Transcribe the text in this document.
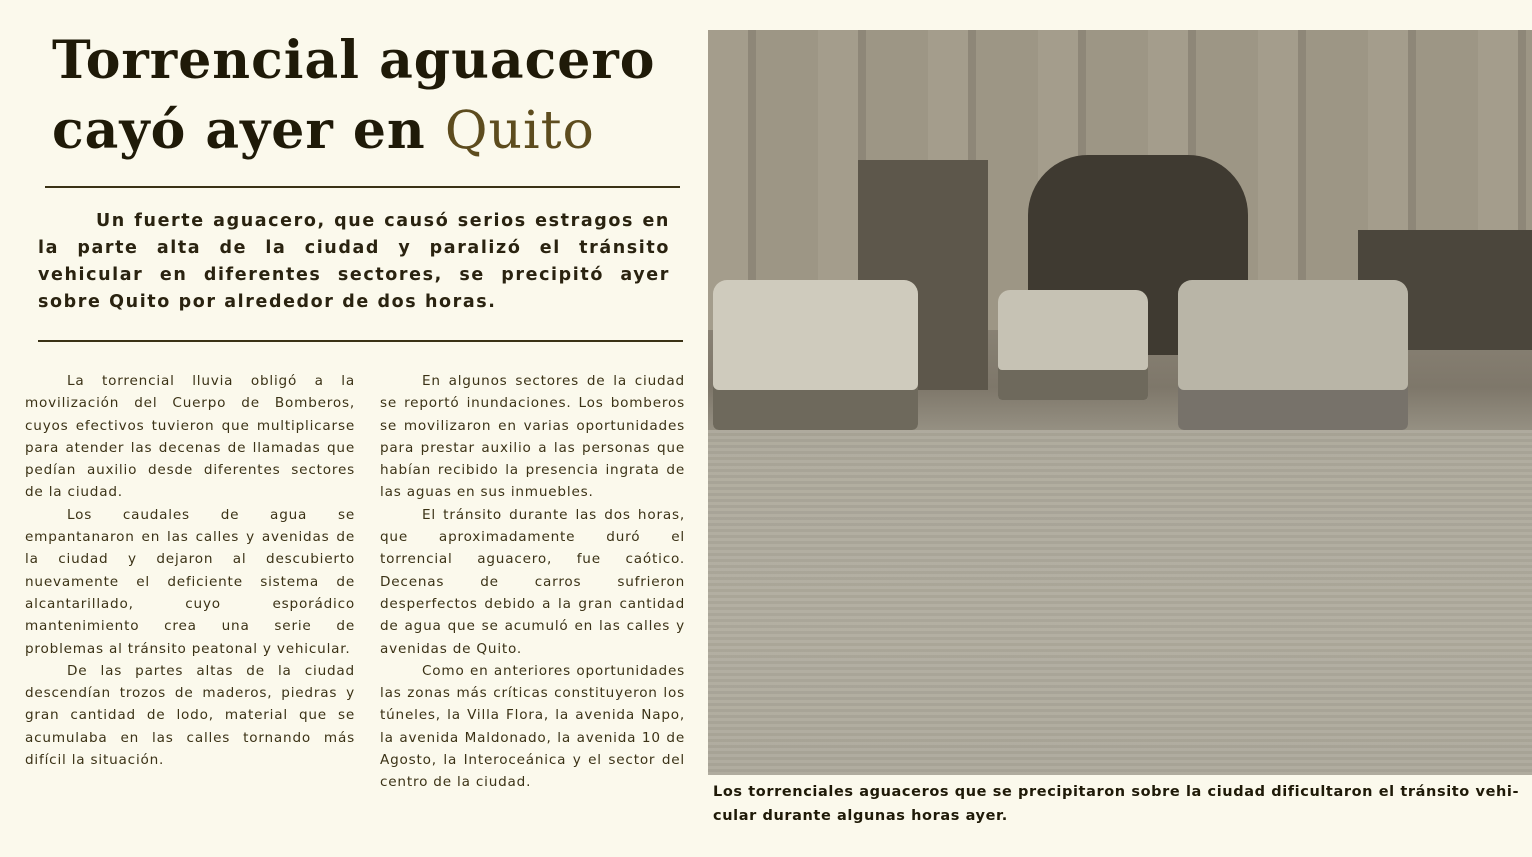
Torrencial aguacero
cayó ayer en Quito
Un fuerte aguacero, que causó serios estragos en la parte alta de la ciudad y paralizó el tránsito vehicular en diferentes sectores, se precipitó ayer sobre Quito por alrededor de dos horas.

La torrencial lluvia obligó a la movilización del Cuerpo de Bomberos, cuyos efectivos tuvieron que multiplicarse para atender las decenas de llamadas que pedían auxilio desde diferentes sectores de la ciudad.

Los caudales de agua se empantanaron en las calles y avenidas de la ciudad y dejaron al descubierto nuevamente el deficiente sistema de alcantarillado, cuyo esporádico mantenimiento crea una serie de problemas al tránsito peatonal y vehicular.

De las partes altas de la ciudad descendían trozos de maderos, piedras y gran cantidad de lodo, material que se acumulaba en las calles tornando más difícil la situación.

En algunos sectores de la ciudad se reportó inundaciones. Los bomberos se movilizaron en varias oportunidades para prestar auxilio a las personas que habían recibido la presencia ingrata de las aguas en sus inmuebles.

El tránsito durante las dos horas, que aproximadamente duró el torrencial aguacero, fue caótico. Decenas de carros sufrieron desperfectos debido a la gran cantidad de agua que se acumuló en las calles y avenidas de Quito.

Como en anteriores oportunidades las zonas más críticas constituyeron los túneles, la Villa Flora, la avenida Napo, la avenida Maldonado, la avenida 10 de Agosto, la Interoceánica y el sector del centro de la ciudad.

Los torrenciales aguaceros que se precipitaron sobre la ciudad dificultaron el tránsito vehi-
cular durante algunas horas ayer.
